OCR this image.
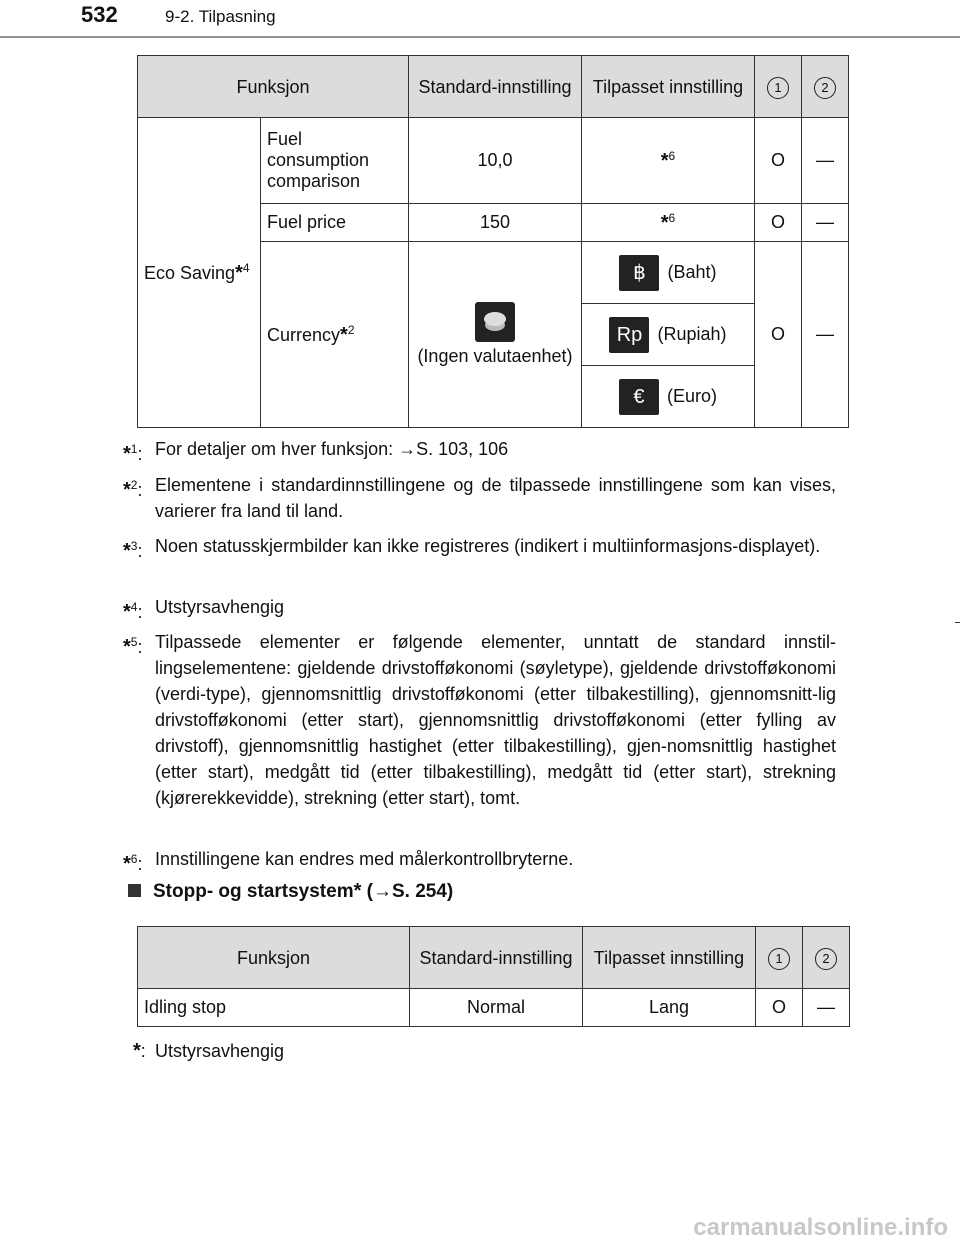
532	9-2. Tilpasning
Funksjon		Standard-innstilling	Tilpasset innstilling	1	2
Eco Saving*$^4$	Fuel consumption comparison	10,0	*$^6$	O	—
	Fuel price	150	*$^6$	O	—
	Currency*$^2$	(Ingen valutaenhet)	฿ (Baht)	O	—

			Rp (Rupiah)		

			€ (Euro)		
*$^1$: For detaljer om hver funksjon: →S. 103, 106
*$^2$: Elementene i standardinnstillingene og de tilpassede innstillingene som kan vises, varierer fra land til land.
*$^3$: Noen statusskjermbilder kan ikke registreres (indikert i multiinformasjons-displayet).
*$^4$: Utstyrsavhengig
*$^5$: Tilpassede elementer er følgende elementer, unntatt de standard innstil-lingselementene: gjeldende drivstofføkonomi (søyletype), gjeldende drivstofføkonomi (verdi-type), gjennomsnittlig drivstofføkonomi (etter tilbakestilling), gjennomsnitt-lig drivstofføkonomi (etter start), gjennomsnittlig drivstofføkonomi (etter fylling av drivstoff), gjennomsnittlig hastighet (etter tilbakestilling), gjen-nomsnittlig hastighet (etter start), medgått tid (etter tilbakestilling), medgått tid (etter start), strekning (kjørerekkevidde), strekning (etter start), tomt.
*$^6$: Innstillingene kan endres med målerkontrollbryterne.
Stopp- og startsystem* (→S. 254)
Funksjon	Standard-innstilling	Tilpasset innstilling	1	2
Idling stop	Normal	Lang	O	—
*: Utstyrsavhengig
carmanualsonline.info
